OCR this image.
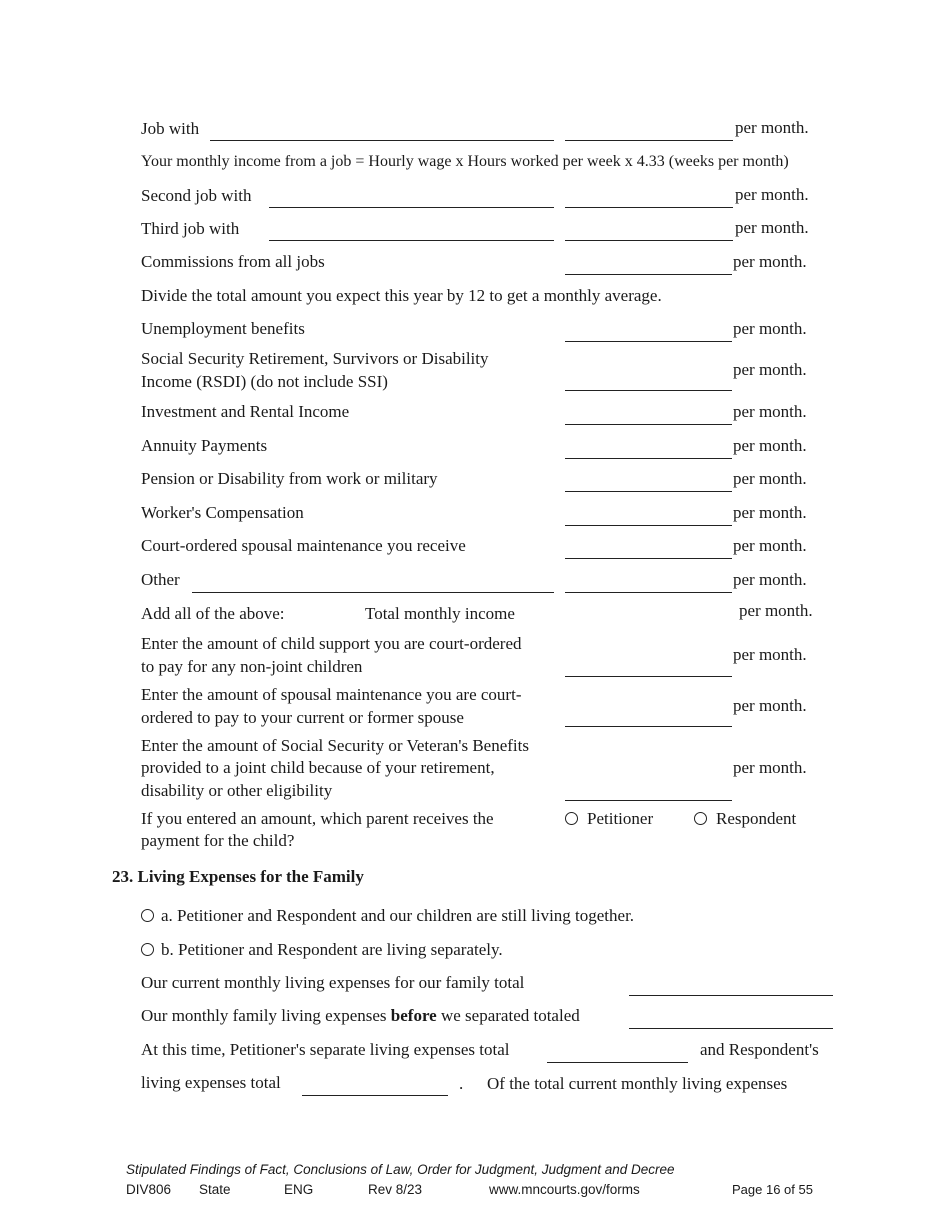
Job with	per month.
Your monthly income from a job = Hourly wage x Hours worked per week x 4.33 (weeks per month)
Second job with	per month.
Third job with	per month.
Commissions from all jobs	per month.
Divide the total amount you expect this year by 12 to get a monthly average.
Unemployment benefits	per month.
Social Security Retirement, Survivors or Disability
Income (RSDI) (do not include SSI)
per month.
Investment and Rental Income	per month.
Annuity Payments	per month.
Pension or Disability from work or military	per month.
Worker's Compensation	per month.
Court-ordered spousal maintenance you receive	per month.
Other	per month.
Add all of the above:	Total monthly income	per month.
Enter the amount of child support you are court-ordered
to pay for any non-joint children
per month.
Enter the amount of spousal maintenance you are court-
ordered to pay to your current or former spouse
per month.
Enter the amount of Social Security or Veteran's Benefits
provided to a joint child because of your retirement,
disability or other eligibility
per month.
If you entered an amount, which parent receives the
payment for the child?
Petitioner	Respondent
23. Living Expenses for the Family
a. Petitioner and Respondent and our children are still living together.
b. Petitioner and Respondent are living separately.
Our current monthly living expenses for our family total
Our monthly family living expenses before we separated totaled
At this time, Petitioner's separate living expenses total	and Respondent's
living expenses total	. Of the total current monthly living expenses
Stipulated Findings of Fact, Conclusions of Law, Order for Judgment, Judgment and Decree
DIV806 State	ENG	Rev 8/23	www.mncourts.gov/forms	Page 16 of 55
